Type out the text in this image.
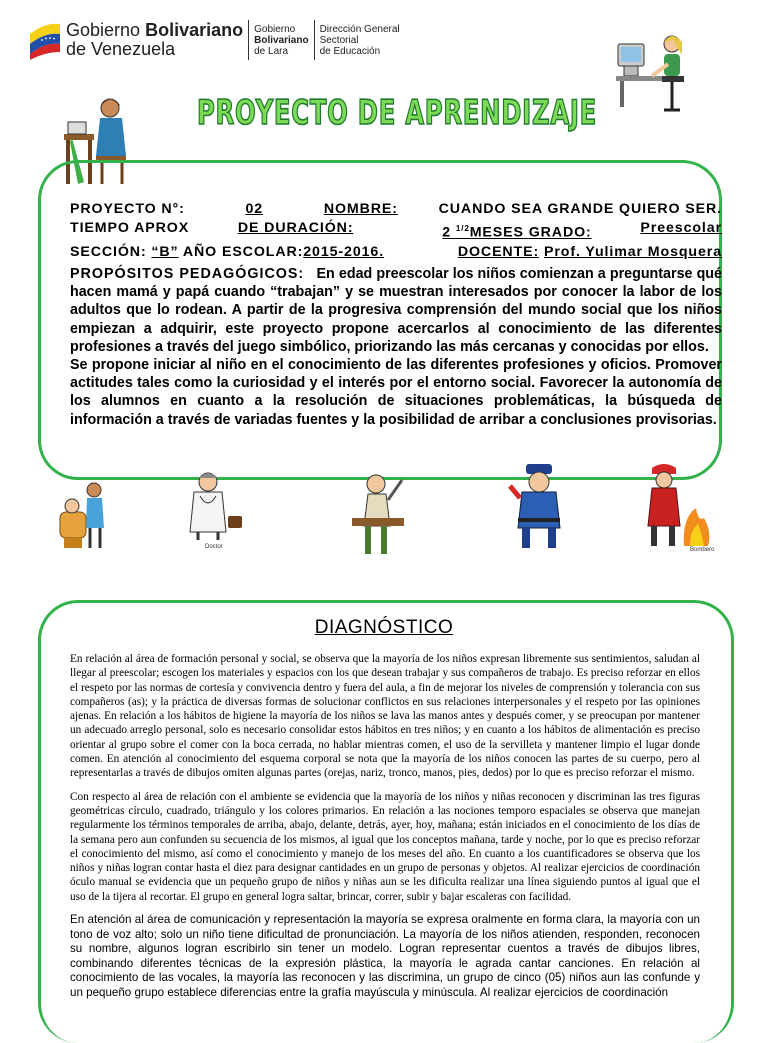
Gobierno Bolivariano
de Venezuela
Gobierno
Bolivariano
de Lara
Dirección General
Sectorial
de Educación
PROYECTO DE APRENDIZAJE
PROYECTO N°:	02	NOMBRE:	CUANDO SEA GRANDE QUIERO SER.
TIEMPO APROX	DE DURACIÓN:	2 $^{1/2}$MESES GRADO:	Preescolar
SECCIÓN: “B” AÑO ESCOLAR:2015-2016.	DOCENTE: Prof. Yulimar Mosquera

PROPÓSITOS PEDAGÓGICOS: En edad preescolar los niños comienzan a preguntarse qué hacen mamá y papá cuando “trabajan” y se muestran interesados por conocer la labor de los adultos que lo rodean. A partir de la progresiva comprensión del mundo social que los niños empiezan a adquirir, este proyecto propone acercarlos al conocimiento de las diferentes profesiones a través del juego simbólico, priorizando las más cercanas y conocidas por ellos.

Se propone iniciar al niño en el conocimiento de las diferentes profesiones y oficios. Promover actitudes tales como la curiosidad y el interés por el entorno social. Favorecer la autonomía de los alumnos en cuanto a la resolución de situaciones problemáticas, la búsqueda de información a través de variadas fuentes y la posibilidad de arribar a conclusiones provisorias.

Doctor	Bombero
DIAGNÓSTICO

En relación al área de formación personal y social, se observa que la mayoría de los niños expresan libremente sus sentimientos, saludan al llegar al preescolar; escogen los materiales y espacios con los que desean trabajar y sus compañeros de trabajo. Es preciso reforzar en ellos el respeto por las normas de cortesía y convivencia dentro y fuera del aula, a fin de mejorar los niveles de comprensión y tolerancia con sus compañeros (as); y la práctica de diversas formas de solucionar conflictos en sus relaciones interpersonales y el respeto por las opiniones ajenas. En relación a los hábitos de higiene la mayoría de los niños se lava las manos antes y después comer, y se preocupan por mantener un adecuado arreglo personal, solo es necesario consolidar estos hábitos en tres niños; y en cuanto a los hábitos de alimentación es preciso orientar al grupo sobre el comer con la boca cerrada, no hablar mientras comen, el uso de la servilleta y mantener limpio el lugar donde comen. En atención al conocimiento del esquema corporal se nota que la mayoría de los niños conocen las partes de su cuerpo, pero al representarlas a través de dibujos omiten algunas partes (orejas, nariz, tronco, manos, pies, dedos) por lo que es preciso reforzar el mismo.

Con respecto al área de relación con el ambiente se evidencia que la mayoría de los niños y niñas reconocen y discriminan las tres figuras geométricas círculo, cuadrado, triángulo y los colores primarios. En relación a las nociones temporo espaciales se observa que manejan regularmente los términos temporales de arriba, abajo, delante, detrás, ayer, hoy, mañana; están iniciados en el conocimiento de los días de la semana pero aun confunden su secuencia de los mismos, al igual que los conceptos mañana, tarde y noche, por lo que es preciso reforzar el conocimiento del mismo, así como el conocimiento y manejo de los meses del año. En cuanto a los cuantificadores se observa que los niños y niñas logran contar hasta el diez para designar cantidades en un grupo de personas y objetos. Al realizar ejercicios de coordinación óculo manual se evidencia que un pequeño grupo de niños y niñas aun se les dificulta realizar una línea siguiendo puntos al igual que el uso de la tijera al recortar. El grupo en general logra saltar, brincar, correr, subir y bajar escaleras con facilidad.

En atención al área de comunicación y representación la mayoría se expresa oralmente en forma clara, la mayoría con un tono de voz alto; solo un niño tiene dificultad de pronunciación. La mayoría de los niños atienden, responden, reconocen su nombre, algunos logran escribirlo sin tener un modelo. Logran representar cuentos a través de dibujos libres, combinando diferentes técnicas de la expresión plástica, la mayoría le agrada cantar canciones. En relación al conocimiento de las vocales, la mayoría las reconocen y las discrimina, un grupo de cinco (05) niños aun las confunde y un pequeño grupo establece diferencias entre la grafía mayúscula y minúscula. Al realizar ejercicios de coordinación
